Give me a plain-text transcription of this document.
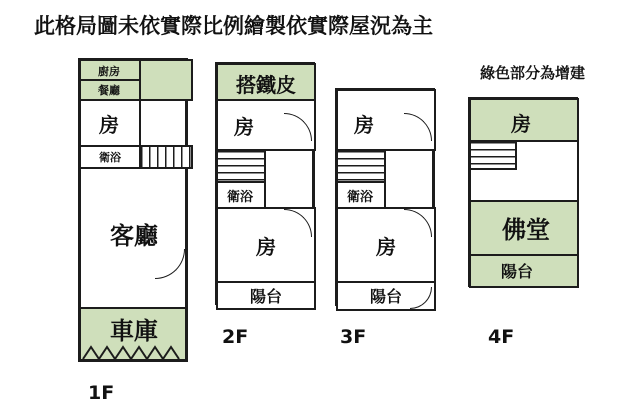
此格局圖未依實際比例繪製依實際屋況為主
綠色部分為增建
廚房
餐廳
房
衛浴
客廳
車庫
1F
搭鐵皮
房
衛浴
房
陽台
2F
房
衛浴
房
陽台
3F
房
佛堂
陽台
4F
